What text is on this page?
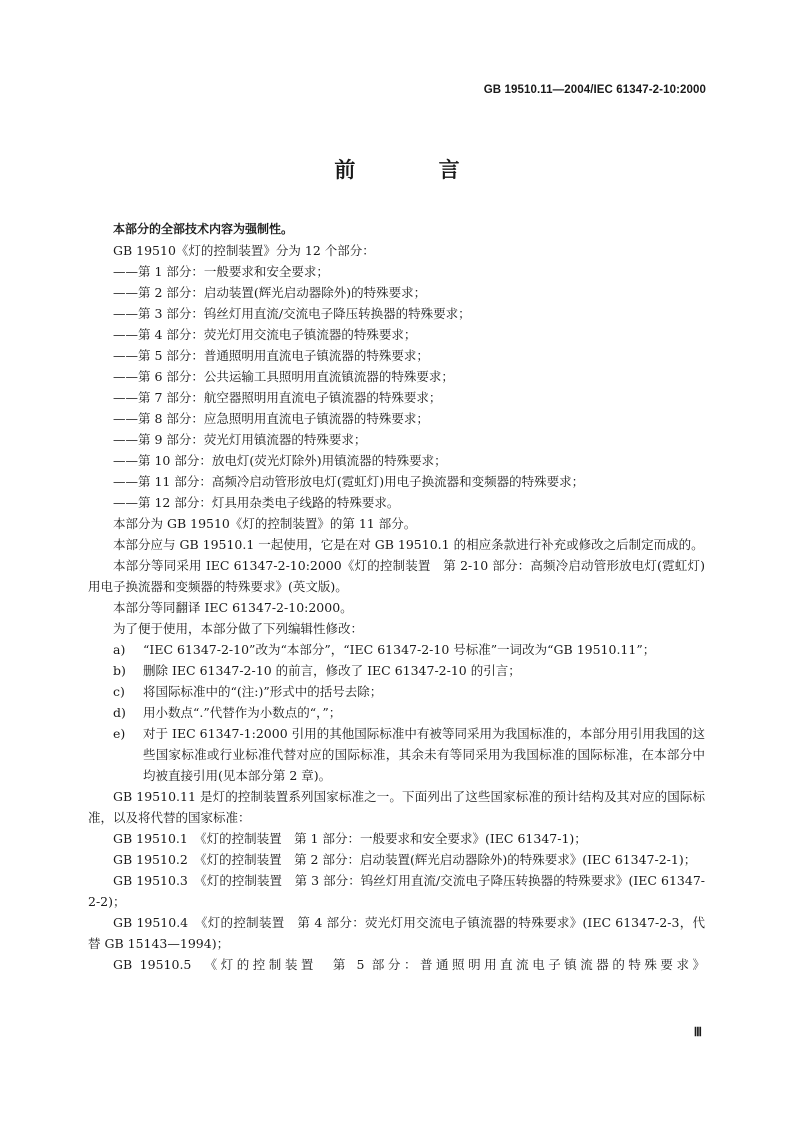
GB 19510.11—2004/IEC 61347-2-10:2000
前 言

本部分的全部技术内容为强制性。

GB 19510《灯的控制装置》分为 12 个部分：

——第 1 部分：一般要求和安全要求；

——第 2 部分：启动装置(辉光启动器除外)的特殊要求；

——第 3 部分：钨丝灯用直流/交流电子降压转换器的特殊要求；

——第 4 部分：荧光灯用交流电子镇流器的特殊要求；

——第 5 部分：普通照明用直流电子镇流器的特殊要求；

——第 6 部分：公共运输工具照明用直流镇流器的特殊要求；

——第 7 部分：航空器照明用直流电子镇流器的特殊要求；

——第 8 部分：应急照明用直流电子镇流器的特殊要求；

——第 9 部分：荧光灯用镇流器的特殊要求；

——第 10 部分：放电灯(荧光灯除外)用镇流器的特殊要求；

——第 11 部分：高频冷启动管形放电灯(霓虹灯)用电子换流器和变频器的特殊要求；

——第 12 部分：灯具用杂类电子线路的特殊要求。

本部分为 GB 19510《灯的控制装置》的第 11 部分。

本部分应与 GB 19510.1 一起使用，它是在对 GB 19510.1 的相应条款进行补充或修改之后制定而成的。

本部分等同采用 IEC 61347-2-10:2000《灯的控制装置　第 2-10 部分：高频冷启动管形放电灯(霓虹灯)用电子换流器和变频器的特殊要求》(英文版)。

本部分等同翻译 IEC 61347-2-10:2000。

为了便于使用，本部分做了下列编辑性修改：

a) “IEC 61347-2-10”改为“本部分”，“IEC 61347-2-10 号标准”一词改为“GB 19510.11”；

b) 删除 IEC 61347-2-10 的前言，修改了 IEC 61347-2-10 的引言；

c) 将国际标准中的“(注:)”形式中的括号去除；

d) 用小数点“.”代替作为小数点的“，”；

e) 对于 IEC 61347-1:2000 引用的其他国际标准中有被等同采用为我国标准的，本部分用引用我国的这些国家标准或行业标准代替对应的国际标准，其余未有等同采用为我国标准的国际标准，在本部分中均被直接引用(见本部分第 2 章)。

GB 19510.11 是灯的控制装置系列国家标准之一。下面列出了这些国家标准的预计结构及其对应的国际标准，以及将代替的国家标准：

GB 19510.1　《灯的控制装置　第 1 部分：一般要求和安全要求》(IEC 61347-1)；

GB 19510.2　《灯的控制装置　第 2 部分：启动装置(辉光启动器除外)的特殊要求》(IEC 61347-2-1)；

GB 19510.3　《灯的控制装置　第 3 部分：钨丝灯用直流/交流电子降压转换器的特殊要求》(IEC 61347-2-2)；

GB 19510.4　《灯的控制装置　第 4 部分：荧光灯用交流电子镇流器的特殊要求》(IEC 61347-2-3，代替 GB 15143—1994)；

GB 19510.5　《灯的控制装置　第 5 部分：普通照明用直流电子镇流器的特殊要求》

Ⅲ
